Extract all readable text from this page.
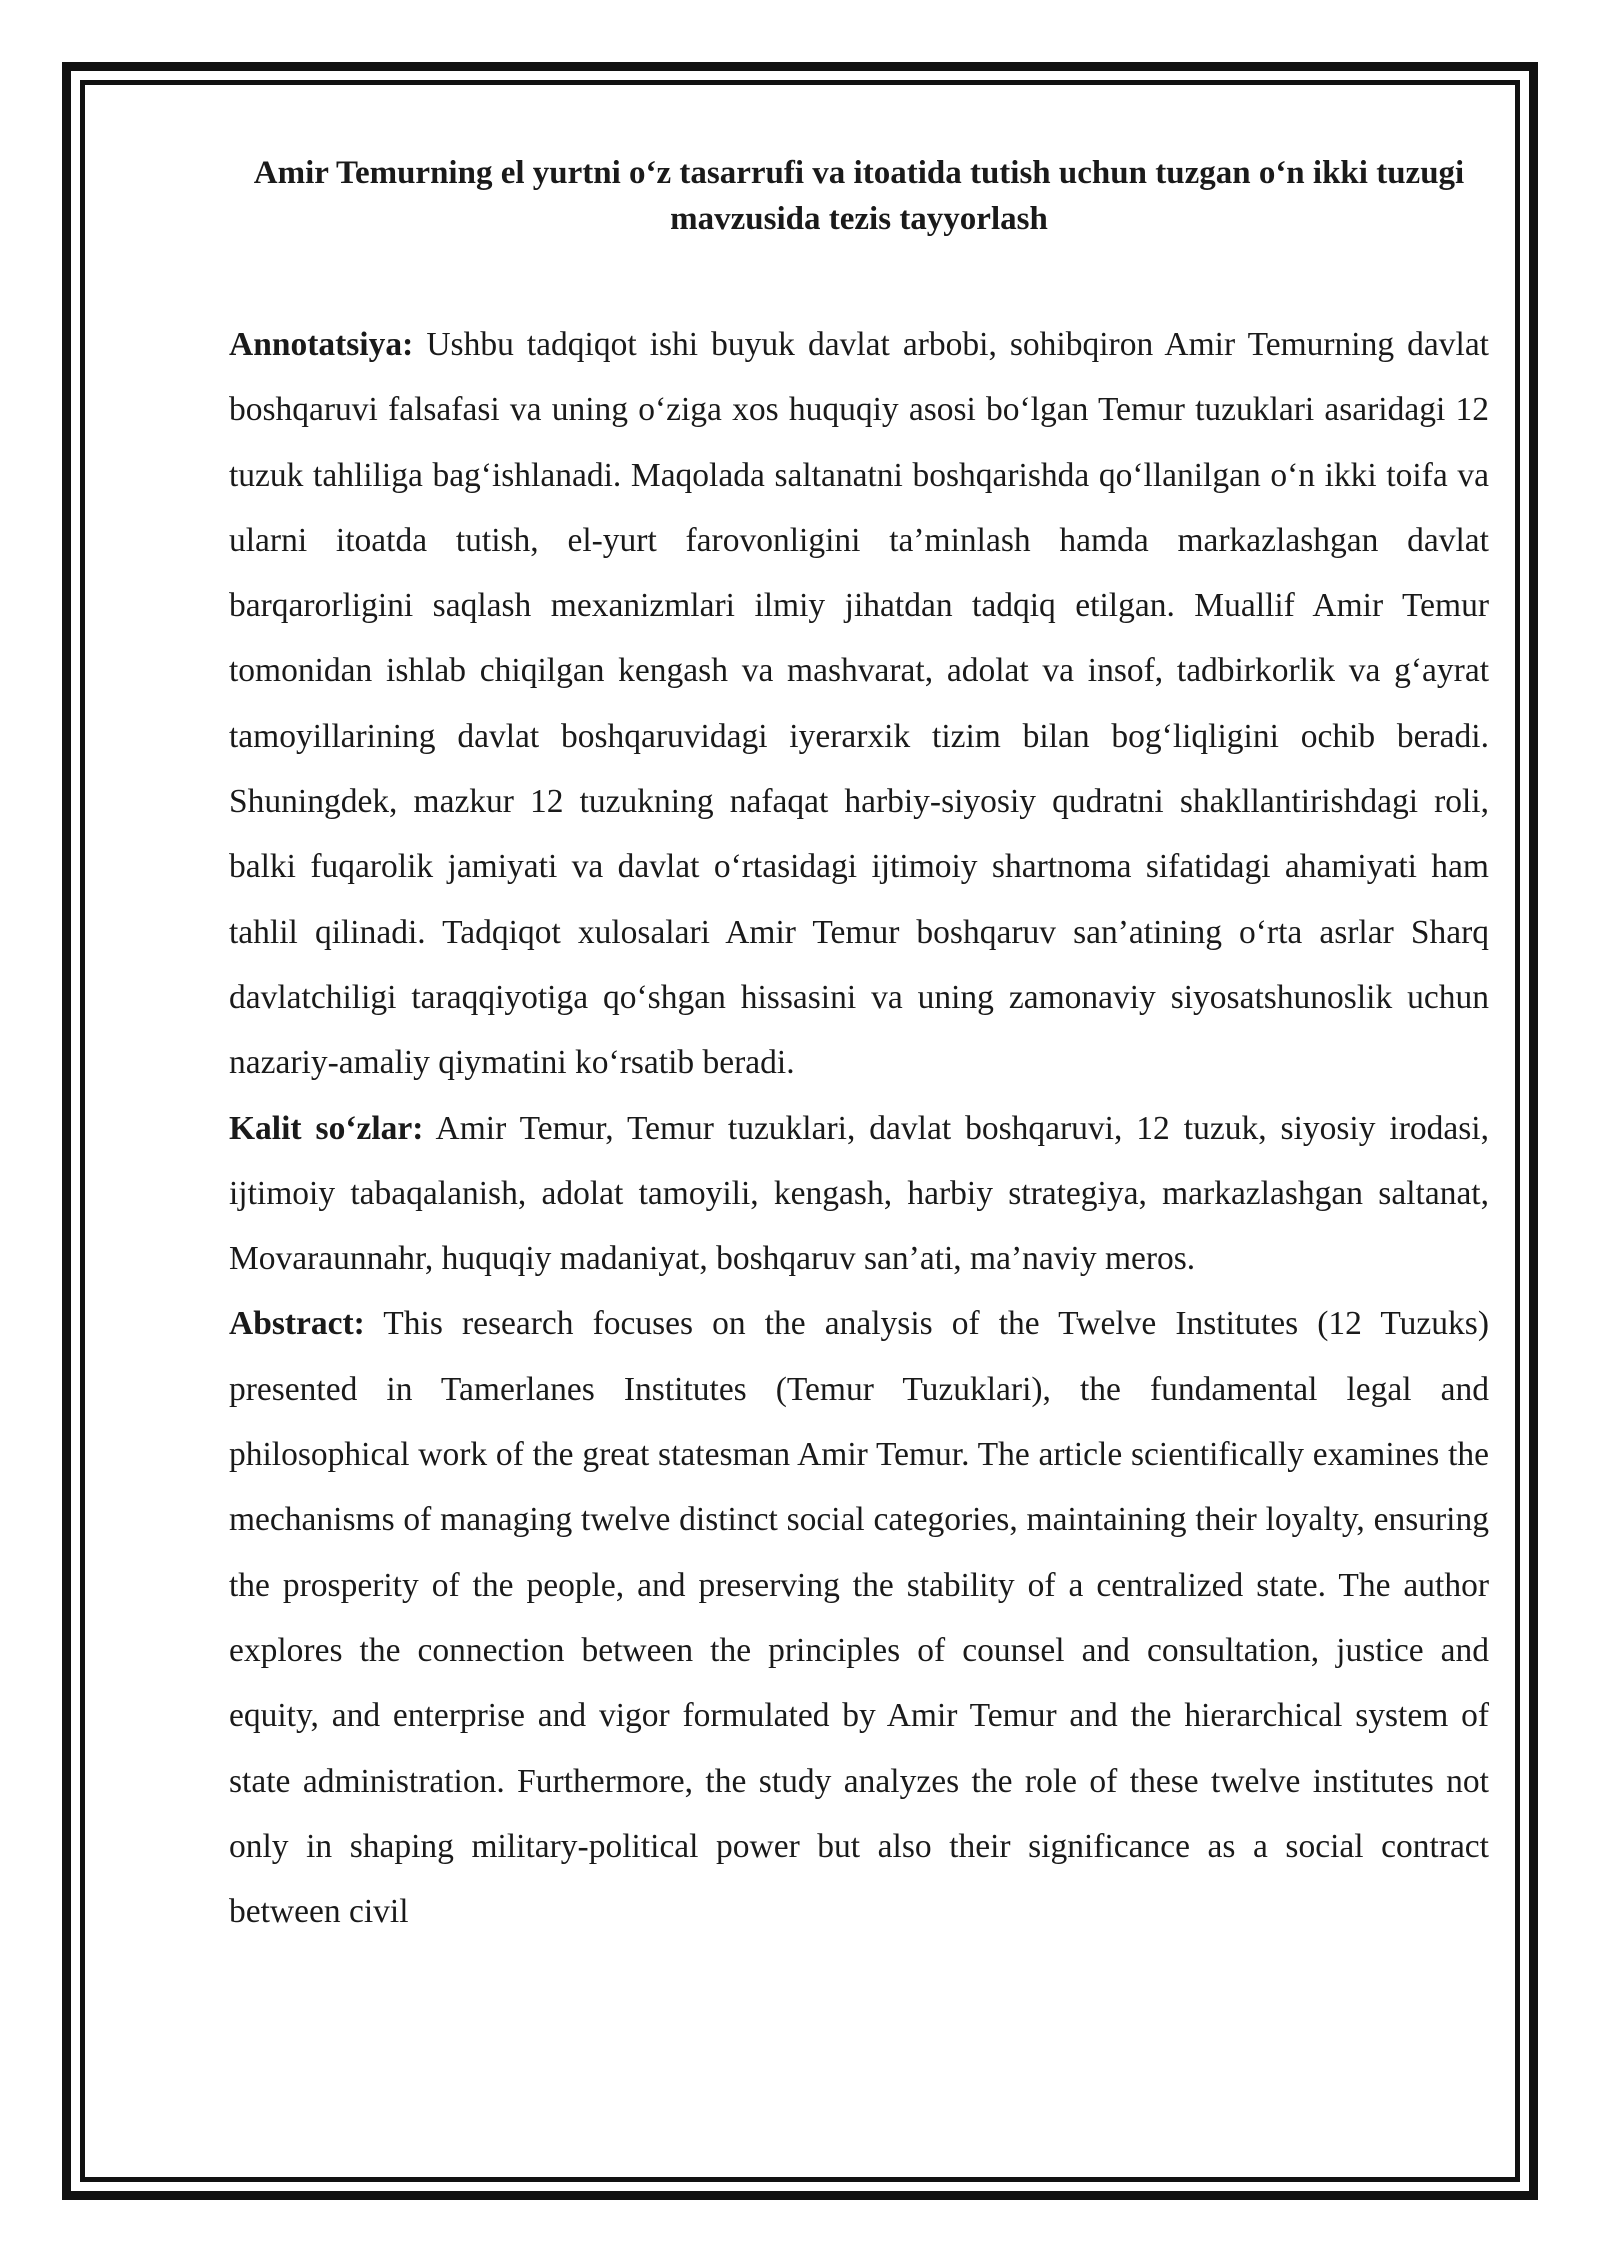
Amir Temurning el yurtni o‘z tasarrufi va itoatida tutish uchun tuzgan o‘n ikki tuzugi mavzusida tezis tayyorlash

Annotatsiya: Ushbu tadqiqot ishi buyuk davlat arbobi, sohibqiron Amir Temurning davlat boshqaruvi falsafasi va uning o‘ziga xos huquqiy asosi bo‘lgan Temur tuzuklari asaridagi 12 tuzuk tahliliga bag‘ishlanadi. Maqolada saltanatni boshqarishda qo‘llanilgan o‘n ikki toifa va ularni itoatda tutish, el-yurt farovonligini ta’minlash hamda markazlashgan davlat barqarorligini saqlash mexanizmlari ilmiy jihatdan tadqiq etilgan. Muallif Amir Temur tomonidan ishlab chiqilgan kengash va mashvarat, adolat va insof, tadbirkorlik va g‘ayrat tamoyillarining davlat boshqaruvidagi iyerarxik tizim bilan bog‘liqligini ochib beradi. Shuningdek, mazkur 12 tuzukning nafaqat harbiy-siyosiy qudratni shakllantirishdagi roli, balki fuqarolik jamiyati va davlat o‘rtasidagi ijtimoiy shartnoma sifatidagi ahamiyati ham tahlil qilinadi. Tadqiqot xulosalari Amir Temur boshqaruv san’atining o‘rta asrlar Sharq davlatchiligi taraqqiyotiga qo‘shgan hissasini va uning zamonaviy siyosatshunoslik uchun nazariy-amaliy qiymatini ko‘rsatib beradi.

Kalit so‘zlar: Amir Temur, Temur tuzuklari, davlat boshqaruvi, 12 tuzuk, siyosiy irodasi, ijtimoiy tabaqalanish, adolat tamoyili, kengash, harbiy strategiya, markazlashgan saltanat, Movaraunnahr, huquqiy madaniyat, boshqaruv san’ati, ma’naviy meros.

Abstract: This research focuses on the analysis of the Twelve Institutes (12 Tuzuks) presented in Tamerlanes Institutes (Temur Tuzuklari), the fundamental legal and philosophical work of the great statesman Amir Temur. The article scientifically examines the mechanisms of managing twelve distinct social categories, maintaining their loyalty, ensuring the prosperity of the people, and preserving the stability of a centralized state. The author explores the connection between the principles of counsel and consultation, justice and equity, and enterprise and vigor formulated by Amir Temur and the hierarchical system of state administration. Furthermore, the study analyzes the role of these twelve institutes not only in shaping military-political power but also their significance as a social contract between civil
